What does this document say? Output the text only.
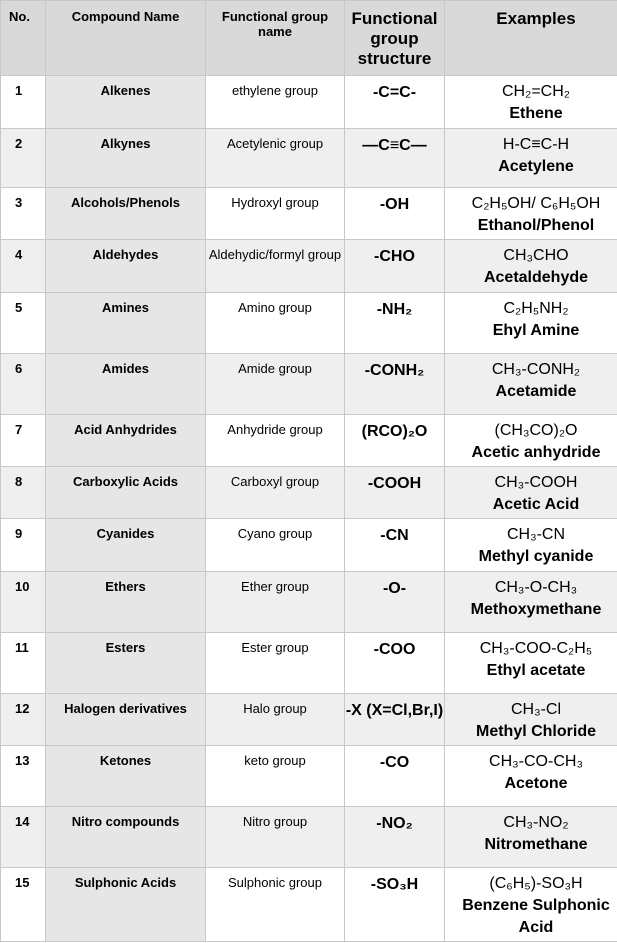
No.	Compound Name	Functional group name	Functional group structure	Examples
1	Alkenes	ethylene group	-C=C-	CH₂=CH₂
Ethene

2	Alkynes	Acetylenic group	—C≡C—	H-C≡C-H
Acetylene

3	Alcohols/Phenols	Hydroxyl group	-OH	C₂H₅OH/ C₆H₅OH
Ethanol/Phenol

4	Aldehydes	Aldehydic/formyl group	-CHO	CH₃CHO
Acetaldehyde

5	Amines	Amino group	-NH₂	C₂H₅NH₂
Ehyl Amine

6	Amides	Amide group	-CONH₂	CH₃-CONH₂
Acetamide

7	Acid Anhydrides	Anhydride group	(RCO)₂O	(CH₃CO)₂O
Acetic anhydride

8	Carboxylic Acids	Carboxyl group	-COOH	CH₃-COOH
Acetic Acid

9	Cyanides	Cyano group	-CN	CH₃-CN
Methyl cyanide

10	Ethers	Ether group	-O-	CH₃-O-CH₃
Methoxymethane

11	Esters	Ester group	-COO	CH₃-COO-C₂H₅
Ethyl acetate

12	Halogen derivatives	Halo group	-X (X=Cl,Br,I)	CH₃-Cl
Methyl Chloride

13	Ketones	keto group	-CO	CH₃-CO-CH₃
Acetone

14	Nitro compounds	Nitro group	-NO₂	CH₃-NO₂
Nitromethane

15	Sulphonic Acids	Sulphonic group	-SO₃H	(C₆H₅)-SO₃H
Benzene Sulphonic Acid
